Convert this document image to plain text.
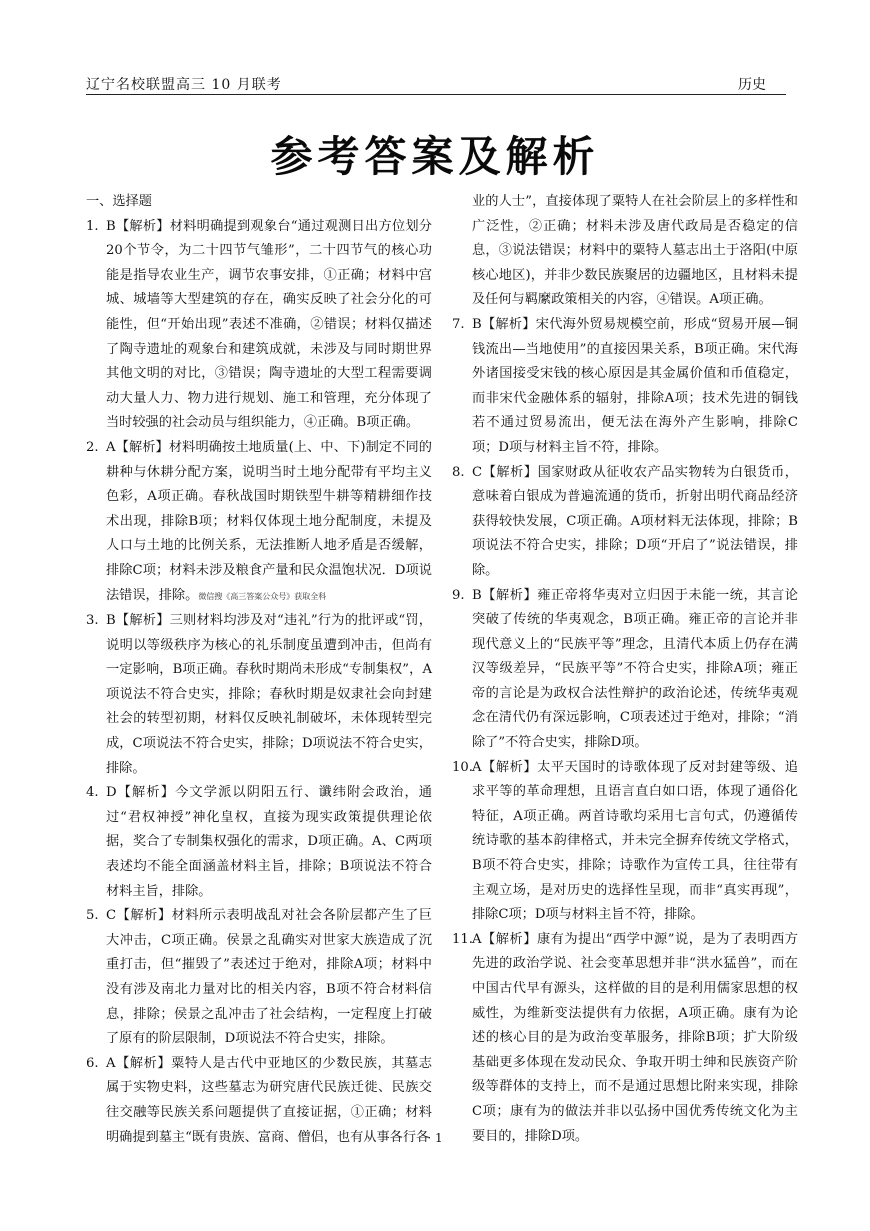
辽宁名校联盟高三 10 月联考	历史
参考答案及解析

一、选择题

1. B【解析】材料明确提到观象台“通过观测日出方位划分20个节令，为二十四节气雏形”，二十四节气的核心功能是指导农业生产，调节农事安排，①正确；材料中宫城、城墙等大型建筑的存在，确实反映了社会分化的可能性，但“开始出现”表述不准确，②错误；材料仅描述了陶寺遗址的观象台和建筑成就，未涉及与同时期世界其他文明的对比，③错误；陶寺遗址的大型工程需要调动大量人力、物力进行规划、施工和管理，充分体现了当时较强的社会动员与组织能力，④正确。B项正确。

2. A【解析】材料明确按土地质量(上、中、下)制定不同的耕种与休耕分配方案，说明当时土地分配带有平均主义色彩，A项正确。春秋战国时期铁型牛耕等精耕细作技术出现，排除B项；材料仅体现土地分配制度，未提及人口与土地的比例关系，无法推断人地矛盾是否缓解，排除C项；材料未涉及粮食产量和民众温饱状况．D项说法错误，排除。微信搜《高三答案公众号》获取全科

3. B【解析】三则材料均涉及对“违礼”行为的批评或“罚，说明以等级秩序为核心的礼乐制度虽遭到冲击，但尚有一定影响，B项正确。春秋时期尚未形成“专制集权”，A项说法不符合史实，排除；春秋时期是奴隶社会向封建社会的转型初期，材料仅反映礼制破坏，未体现转型完成，C项说法不符合史实，排除；D项说法不符合史实，排除。

4. D【解析】今文学派以阴阳五行、谶纬附会政治，通过“君权神授”神化皇权，直接为现实政策提供理论依据，奖合了专制集权强化的需求，D项正确。A、C两项表述均不能全面涵盖材料主旨，排除；B项说法不符合材料主旨，排除。

5. C【解析】材料所示表明战乱对社会各阶层都产生了巨大冲击，C项正确。侯景之乱确实对世家大族造成了沉重打击，但“摧毁了”表述过于绝对，排除A项；材料中没有涉及南北力量对比的相关内容，B项不符合材料信息，排除；侯景之乱冲击了社会结构，一定程度上打破了原有的阶层限制，D项说法不符合史实，排除。

6. A【解析】粟特人是古代中亚地区的少数民族，其墓志属于实物史料，这些墓志为研究唐代民族迁徙、民族交往交融等民族关系问题提供了直接证据，①正确；材料明确提到墓主“既有贵族、富商、僧侣，也有从事各行各

业的人士”，直接体现了粟特人在社会阶层上的多样性和广泛性，②正确；材料未涉及唐代政局是否稳定的信息，③说法错误；材料中的粟特人墓志出土于洛阳(中原核心地区)，并非少数民族聚居的边疆地区，且材料未提及任何与羁縻政策相关的内容，④错误。A项正确。

7. B【解析】宋代海外贸易规模空前，形成“贸易开展—铜钱流出—当地使用”的直接因果关系，B项正确。宋代海外诸国接受宋钱的核心原因是其金属价值和币值稳定，而非宋代金融体系的辐射，排除A项；技术先进的铜钱若不通过贸易流出，便无法在海外产生影响，排除C项；D项与材料主旨不符，排除。

8. C【解析】国家财政从征收农产品实物转为白银货币，意味着白银成为普遍流通的货币，折射出明代商品经济获得较快发展，C项正确。A项材料无法体现，排除；B项说法不符合史实，排除；D项“开启了”说法错误，排除。

9. B【解析】雍正帝将华夷对立归因于未能一统，其言论突破了传统的华夷观念，B项正确。雍正帝的言论并非现代意义上的“民族平等”理念，且清代本质上仍存在满汉等级差异，“民族平等”不符合史实，排除A项；雍正帝的言论是为政权合法性辩护的政治论述，传统华夷观念在清代仍有深远影响，C项表述过于绝对，排除；“消除了”不符合史实，排除D项。

10. A【解析】太平天国时的诗歌体现了反对封建等级、追求平等的革命理想，且语言直白如口语，体现了通俗化特征，A项正确。两首诗歌均采用七言句式，仍遵循传统诗歌的基本韵律格式，并未完全摒弃传统文学格式，B项不符合史实，排除；诗歌作为宣传工具，往往带有主观立场，是对历史的选择性呈现，而非“真实再现”，排除C项；D项与材料主旨不符，排除。

11. A【解析】康有为提出“西学中源”说，是为了表明西方先进的政治学说、社会变革思想并非“洪水猛兽”，而在中国古代早有源头，这样做的目的是利用儒家思想的权威性，为维新变法提供有力依据，A项正确。康有为论述的核心目的是为政治变革服务，排除B项；扩大阶级基础更多体现在发动民众、争取开明士绅和民族资产阶级等群体的支持上，而不是通过思想比附来实现，排除C项；康有为的做法并非以弘扬中国优秀传统文化为主要目的，排除D项。

· 1
